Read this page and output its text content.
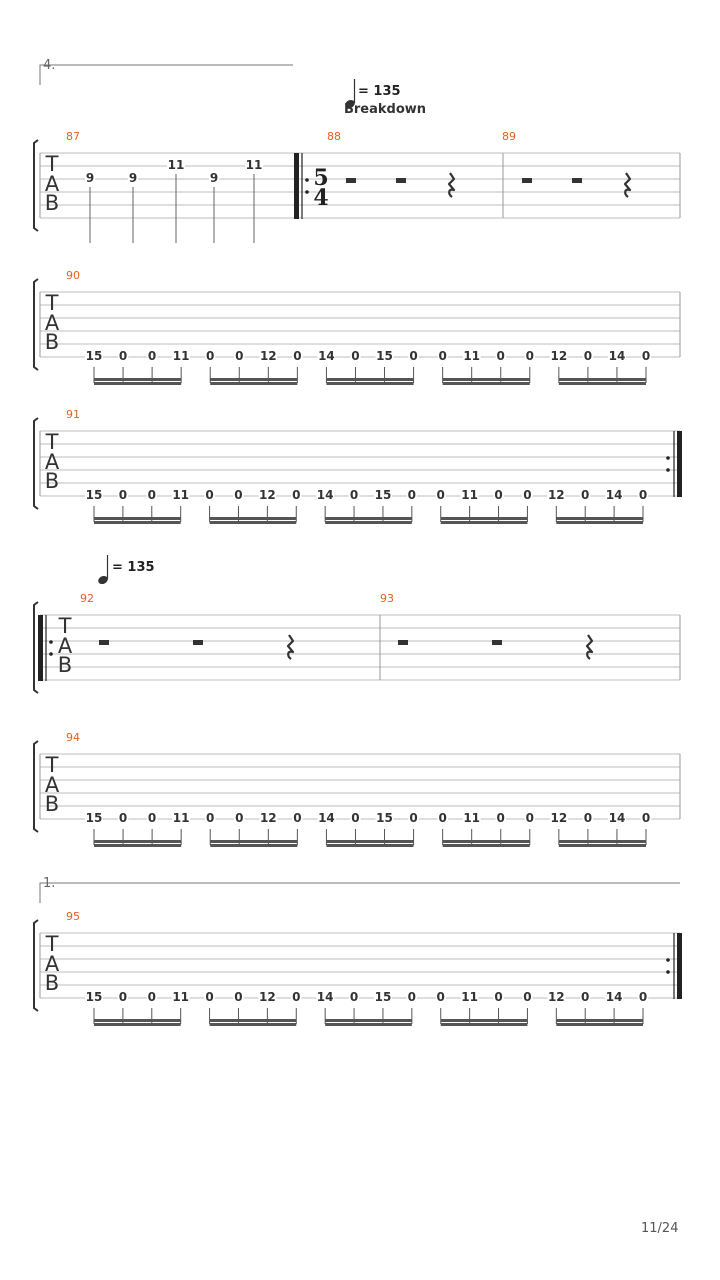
4.
= 135
Breakdown
T
A
B
87	88	89
9	9
11
9
11 5
4
T
A
B
90
15 0 0 11 0 0 12 0 14 0 15 0 0 11 0 0 12 0 14 0
T
A
B
91
15 0 0 11 0 0 12 0 14 0 15 0 0 11 0 0 12 0 14 0
T
A
B
94
15 0 0 11 0 0 12 0 14 0 15 0 0 11 0 0 12 0 14 0
1.
T
A
B
95
15 0 0 11 0 0 12 0 14 0 15 0 0 11 0 0 12 0 14 0
= 135
T
A
B
92	93
11/24
